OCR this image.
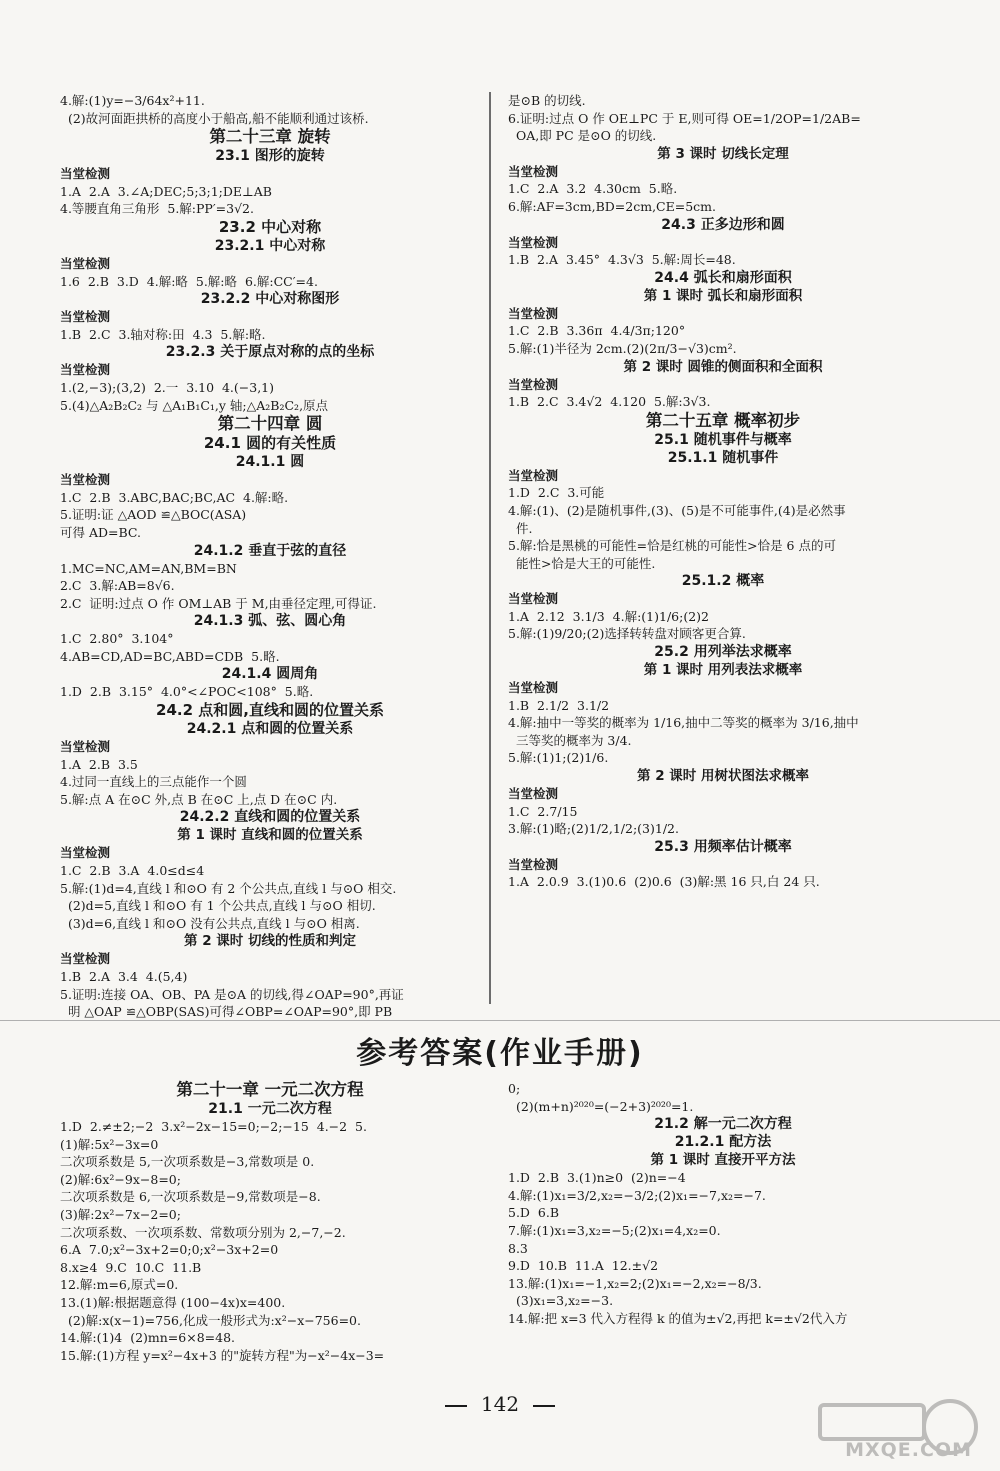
4.解:(1)y=−3/64x²+11.
(2)故河面距拱桥的高度小于船高,船不能顺利通过该桥.
第二十三章 旋转
23.1 图形的旋转
当堂检测
1.A  2.A  3.∠A;DEC;5;3;1;DE⊥AB
4.等腰直角三角形  5.解:PP′=3√2.
23.2 中心对称
23.2.1 中心对称
当堂检测
1.6  2.B  3.D  4.解:略  5.解:略  6.解:CC′=4.
23.2.2 中心对称图形
当堂检测
1.B  2.C  3.轴对称:田  4.3  5.解:略.
23.2.3 关于原点对称的点的坐标
当堂检测
1.(2,−3);(3,2)  2.一  3.10  4.(−3,1)
5.(4)△A₂B₂C₂ 与 △A₁B₁C₁,y 轴;△A₂B₂C₂,原点
第二十四章 圆
24.1 圆的有关性质
24.1.1 圆
当堂检测
1.C  2.B  3.ABC,BAC;BC,AC  4.解:略.
5.证明:证 △AOD ≌△BOC(ASA)
可得 AD=BC.
24.1.2 垂直于弦的直径
1.MC=NC,AM=AN,BM=BN
2.C  3.解:AB=8√6.
2.C  证明:过点 O 作 OM⊥AB 于 M,由垂径定理,可得证.
24.1.3 弧、弦、圆心角
1.C  2.80°  3.104°
4.AB=CD,AD=BC,ABD=CDB  5.略.
24.1.4 圆周角
1.D  2.B  3.15°  4.0°<∠POC<108°  5.略.
24.2 点和圆,直线和圆的位置关系
24.2.1 点和圆的位置关系
当堂检测
1.A  2.B  3.5
4.过同一直线上的三点能作一个圆
5.解:点 A 在⊙C 外,点 B 在⊙C 上,点 D 在⊙C 内.
24.2.2 直线和圆的位置关系
第 1 课时 直线和圆的位置关系
当堂检测
1.C  2.B  3.A  4.0≤d≤4
5.解:(1)d=4,直线 l 和⊙O 有 2 个公共点,直线 l 与⊙O 相交.
(2)d=5,直线 l 和⊙O 有 1 个公共点,直线 l 与⊙O 相切.
(3)d=6,直线 l 和⊙O 没有公共点,直线 l 与⊙O 相离.
第 2 课时 切线的性质和判定
当堂检测
1.B  2.A  3.4  4.(5,4)
5.证明:连接 OA、OB、PA 是⊙A 的切线,得∠OAP=90°,再证
明 △OAP ≌△OBP(SAS)可得∠OBP=∠OAP=90°,即 PB
是⊙B 的切线.
6.证明:过点 O 作 OE⊥PC 于 E,则可得 OE=1/2OP=1/2AB=
OA,即 PC 是⊙O 的切线.
第 3 课时 切线长定理
当堂检测
1.C  2.A  3.2  4.30cm  5.略.
6.解:AF=3cm,BD=2cm,CE=5cm.
24.3 正多边形和圆
当堂检测
1.B  2.A  3.45°  4.3√3  5.解:周长=48.
24.4 弧长和扇形面积
第 1 课时 弧长和扇形面积
当堂检测
1.C  2.B  3.36π  4.4/3π;120°
5.解:(1)半径为 2cm.(2)(2π/3−√3)cm².
第 2 课时 圆锥的侧面积和全面积
当堂检测
1.B  2.C  3.4√2  4.120  5.解:3√3.
第二十五章 概率初步
25.1 随机事件与概率
25.1.1 随机事件
当堂检测
1.D  2.C  3.可能
4.解:(1)、(2)是随机事件,(3)、(5)是不可能事件,(4)是必然事
件.
5.解:恰是黑桃的可能性=恰是红桃的可能性>恰是 6 点的可
能性>恰是大王的可能性.
25.1.2 概率
当堂检测
1.A  2.12  3.1/3  4.解:(1)1/6;(2)2
5.解:(1)9/20;(2)选择转转盘对顾客更合算.
25.2 用列举法求概率
第 1 课时 用列表法求概率
当堂检测
1.B  2.1/2  3.1/2
4.解:抽中一等奖的概率为 1/16,抽中二等奖的概率为 3/16,抽中
三等奖的概率为 3/4.
5.解:(1)1;(2)1/6.
第 2 课时 用树状图法求概率
当堂检测
1.C  2.7/15
3.解:(1)略;(2)1/2,1/2;(3)1/2.
25.3 用频率估计概率
当堂检测
1.A  2.0.9  3.(1)0.6  (2)0.6  (3)解:黑 16 只,白 24 只.
参考答案(作业手册)
第二十一章 一元二次方程
21.1 一元二次方程
1.D  2.≠±2;−2  3.x²−2x−15=0;−2;−15  4.−2  5.
(1)解:5x²−3x=0
二次项系数是 5,一次项系数是−3,常数项是 0.
(2)解:6x²−9x−8=0;
二次项系数是 6,一次项系数是−9,常数项是−8.
(3)解:2x²−7x−2=0;
二次项系数、一次项系数、常数项分别为 2,−7,−2.
6.A  7.0;x²−3x+2=0;0;x²−3x+2=0
8.x≥4  9.C  10.C  11.B
12.解:m=6,原式=0.
13.(1)解:根据题意得 (100−4x)x=400.
(2)解:x(x−1)=756,化成一般形式为:x²−x−756=0.
14.解:(1)4  (2)mn=6×8=48.
15.解:(1)方程 y=x²−4x+3 的"旋转方程"为−x²−4x−3=
0;
(2)(m+n)²⁰²⁰=(−2+3)²⁰²⁰=1.
21.2 解一元二次方程
21.2.1 配方法
第 1 课时 直接开平方法
1.D  2.B  3.(1)n≥0  (2)n=−4
4.解:(1)x₁=3/2,x₂=−3/2;(2)x₁=−7,x₂=−7.
5.D  6.B
7.解:(1)x₁=3,x₂=−5;(2)x₁=4,x₂=0.
8.3
9.D  10.B  11.A  12.±√2
13.解:(1)x₁=−1,x₂=2;(2)x₁=−2,x₂=−8/3.
(3)x₁=3,x₂=−3.
14.解:把 x=3 代入方程得 k 的值为±√2,再把 k=±√2代入方
142
MXQE.COM
